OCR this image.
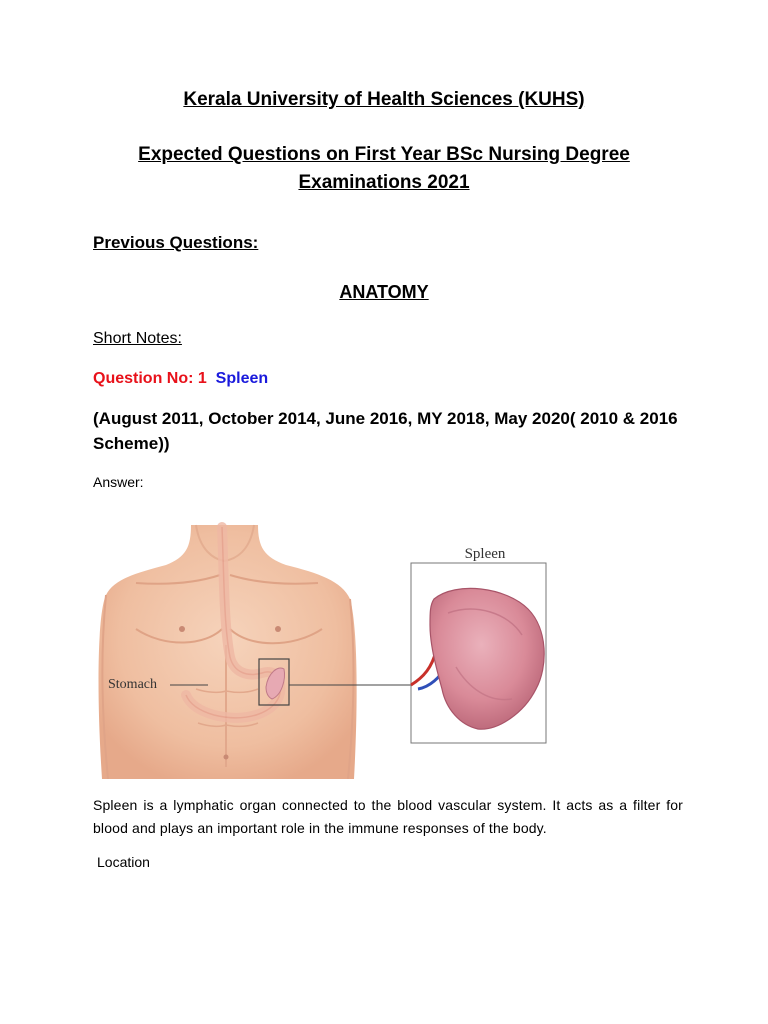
Kerala University of Health Sciences (KUHS)
Expected Questions on First Year BSc Nursing Degree Examinations 2021
Previous Questions:
ANATOMY
Short Notes:
Question No: 1 Spleen
(August 2011, October 2014, June 2016, MY 2018, May 2020( 2010 & 2016 Scheme))
Answer:
Stomach
Spleen

Spleen is a lymphatic organ connected to the blood vascular system. It acts as a filter for blood and plays an important role in the immune responses of the body.

Location
